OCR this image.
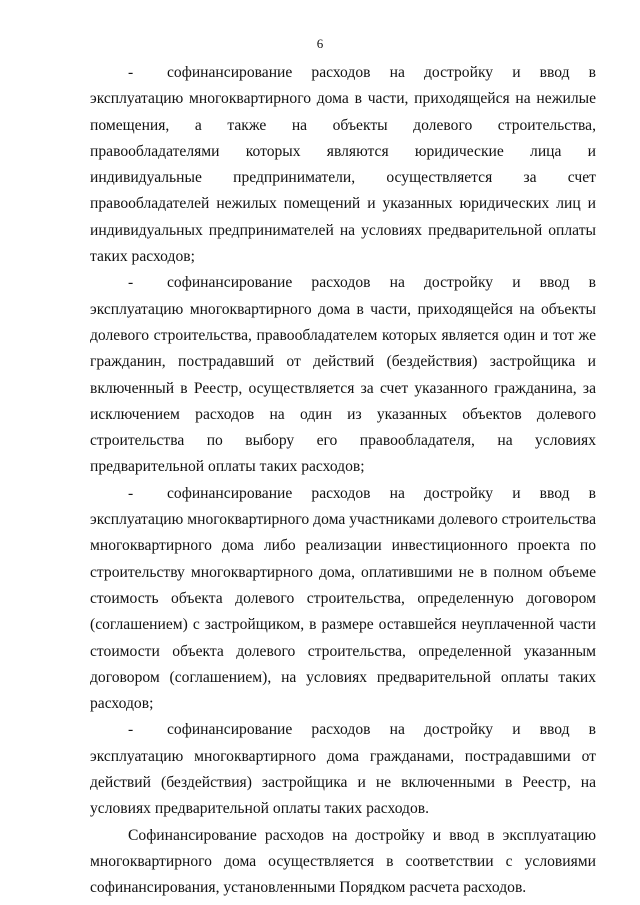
6

- софинансирование расходов на достройку и ввод в эксплуатацию многоквартирного дома в части, приходящейся на нежилые помещения, а также на объекты долевого строительства, правообладателями которых являются юридические лица и индивидуальные предприниматели, осуществляется за счет правообладателей нежилых помещений и указанных юридических лиц и индивидуальных предпринимателей на условиях предварительной оплаты таких расходов;

- софинансирование расходов на достройку и ввод в эксплуатацию многоквартирного дома в части, приходящейся на объекты долевого строительства, правообладателем которых является один и тот же гражданин, пострадавший от действий (бездействия) застройщика и включенный в Реестр, осуществляется за счет указанного гражданина, за исключением расходов на один из указанных объектов долевого строительства по выбору его правообладателя, на условиях предварительной оплаты таких расходов;

- софинансирование расходов на достройку и ввод в эксплуатацию многоквартирного дома участниками долевого строительства многоквартирного дома либо реализации инвестиционного проекта по строительству многоквартирного дома, оплатившими не в полном объеме стоимость объекта долевого строительства, определенную договором (соглашением) с застройщиком, в размере оставшейся неуплаченной части стоимости объекта долевого строительства, определенной указанным договором (соглашением), на условиях предварительной оплаты таких расходов;

- софинансирование расходов на достройку и ввод в эксплуатацию многоквартирного дома гражданами, пострадавшими от действий (бездействия) застройщика и не включенными в Реестр, на условиях предварительной оплаты таких расходов.

Софинансирование расходов на достройку и ввод в эксплуатацию многоквартирного дома осуществляется в соответствии с условиями софинансирования, установленными Порядком расчета расходов.
